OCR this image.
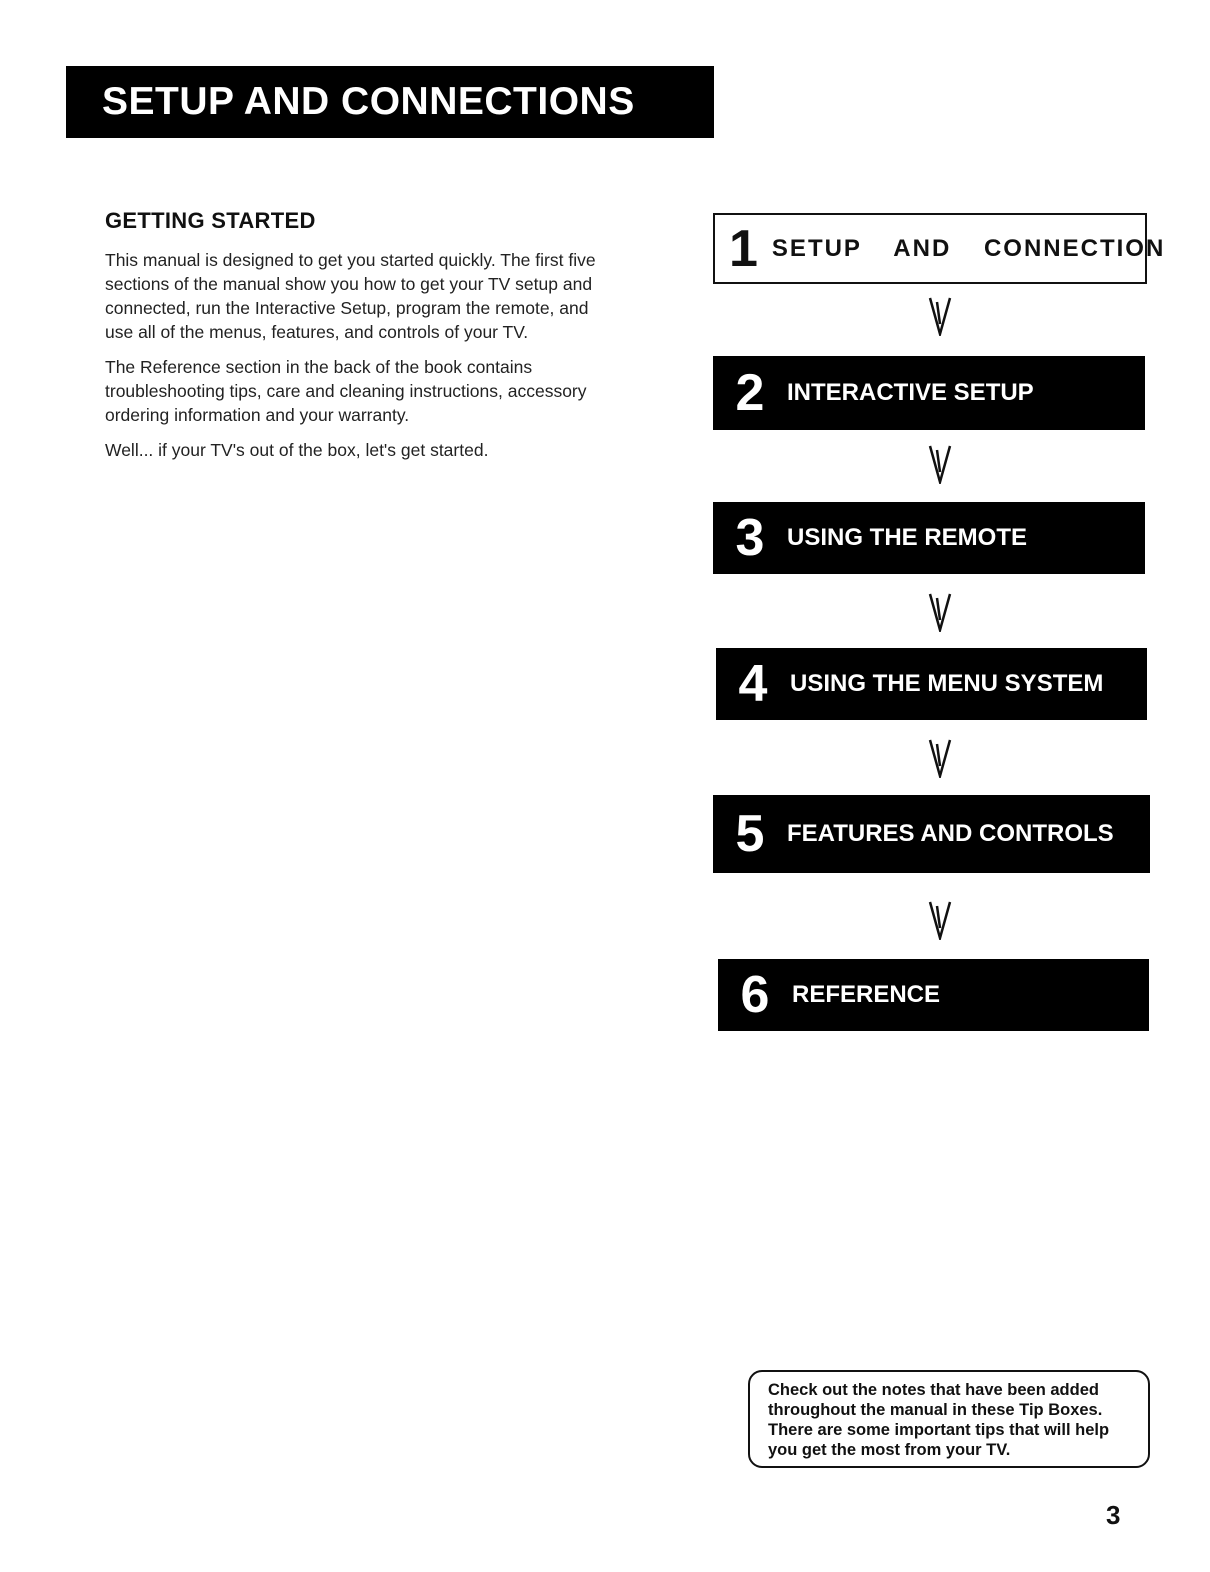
SETUP AND CONNECTIONS
GETTING STARTED

This manual is designed to get you started quickly. The first five sections of the manual show you how to get your TV setup and connected, run the Interactive Setup, program the remote, and use all of the menus, features, and controls of your TV.

The Reference section in the back of the book contains troubleshooting tips, care and cleaning instructions, accessory ordering information and your warranty.

Well... if your TV's out of the box, let's get started.

1 SETUP AND CONNECTION
2 INTERACTIVE SETUP
3 USING THE REMOTE
4 USING THE MENU SYSTEM
5 FEATURES AND CONTROLS
6 REFERENCE

Check out the notes that have been added throughout the manual in these Tip Boxes. There are some important tips that will help you get the most from your TV.

3
